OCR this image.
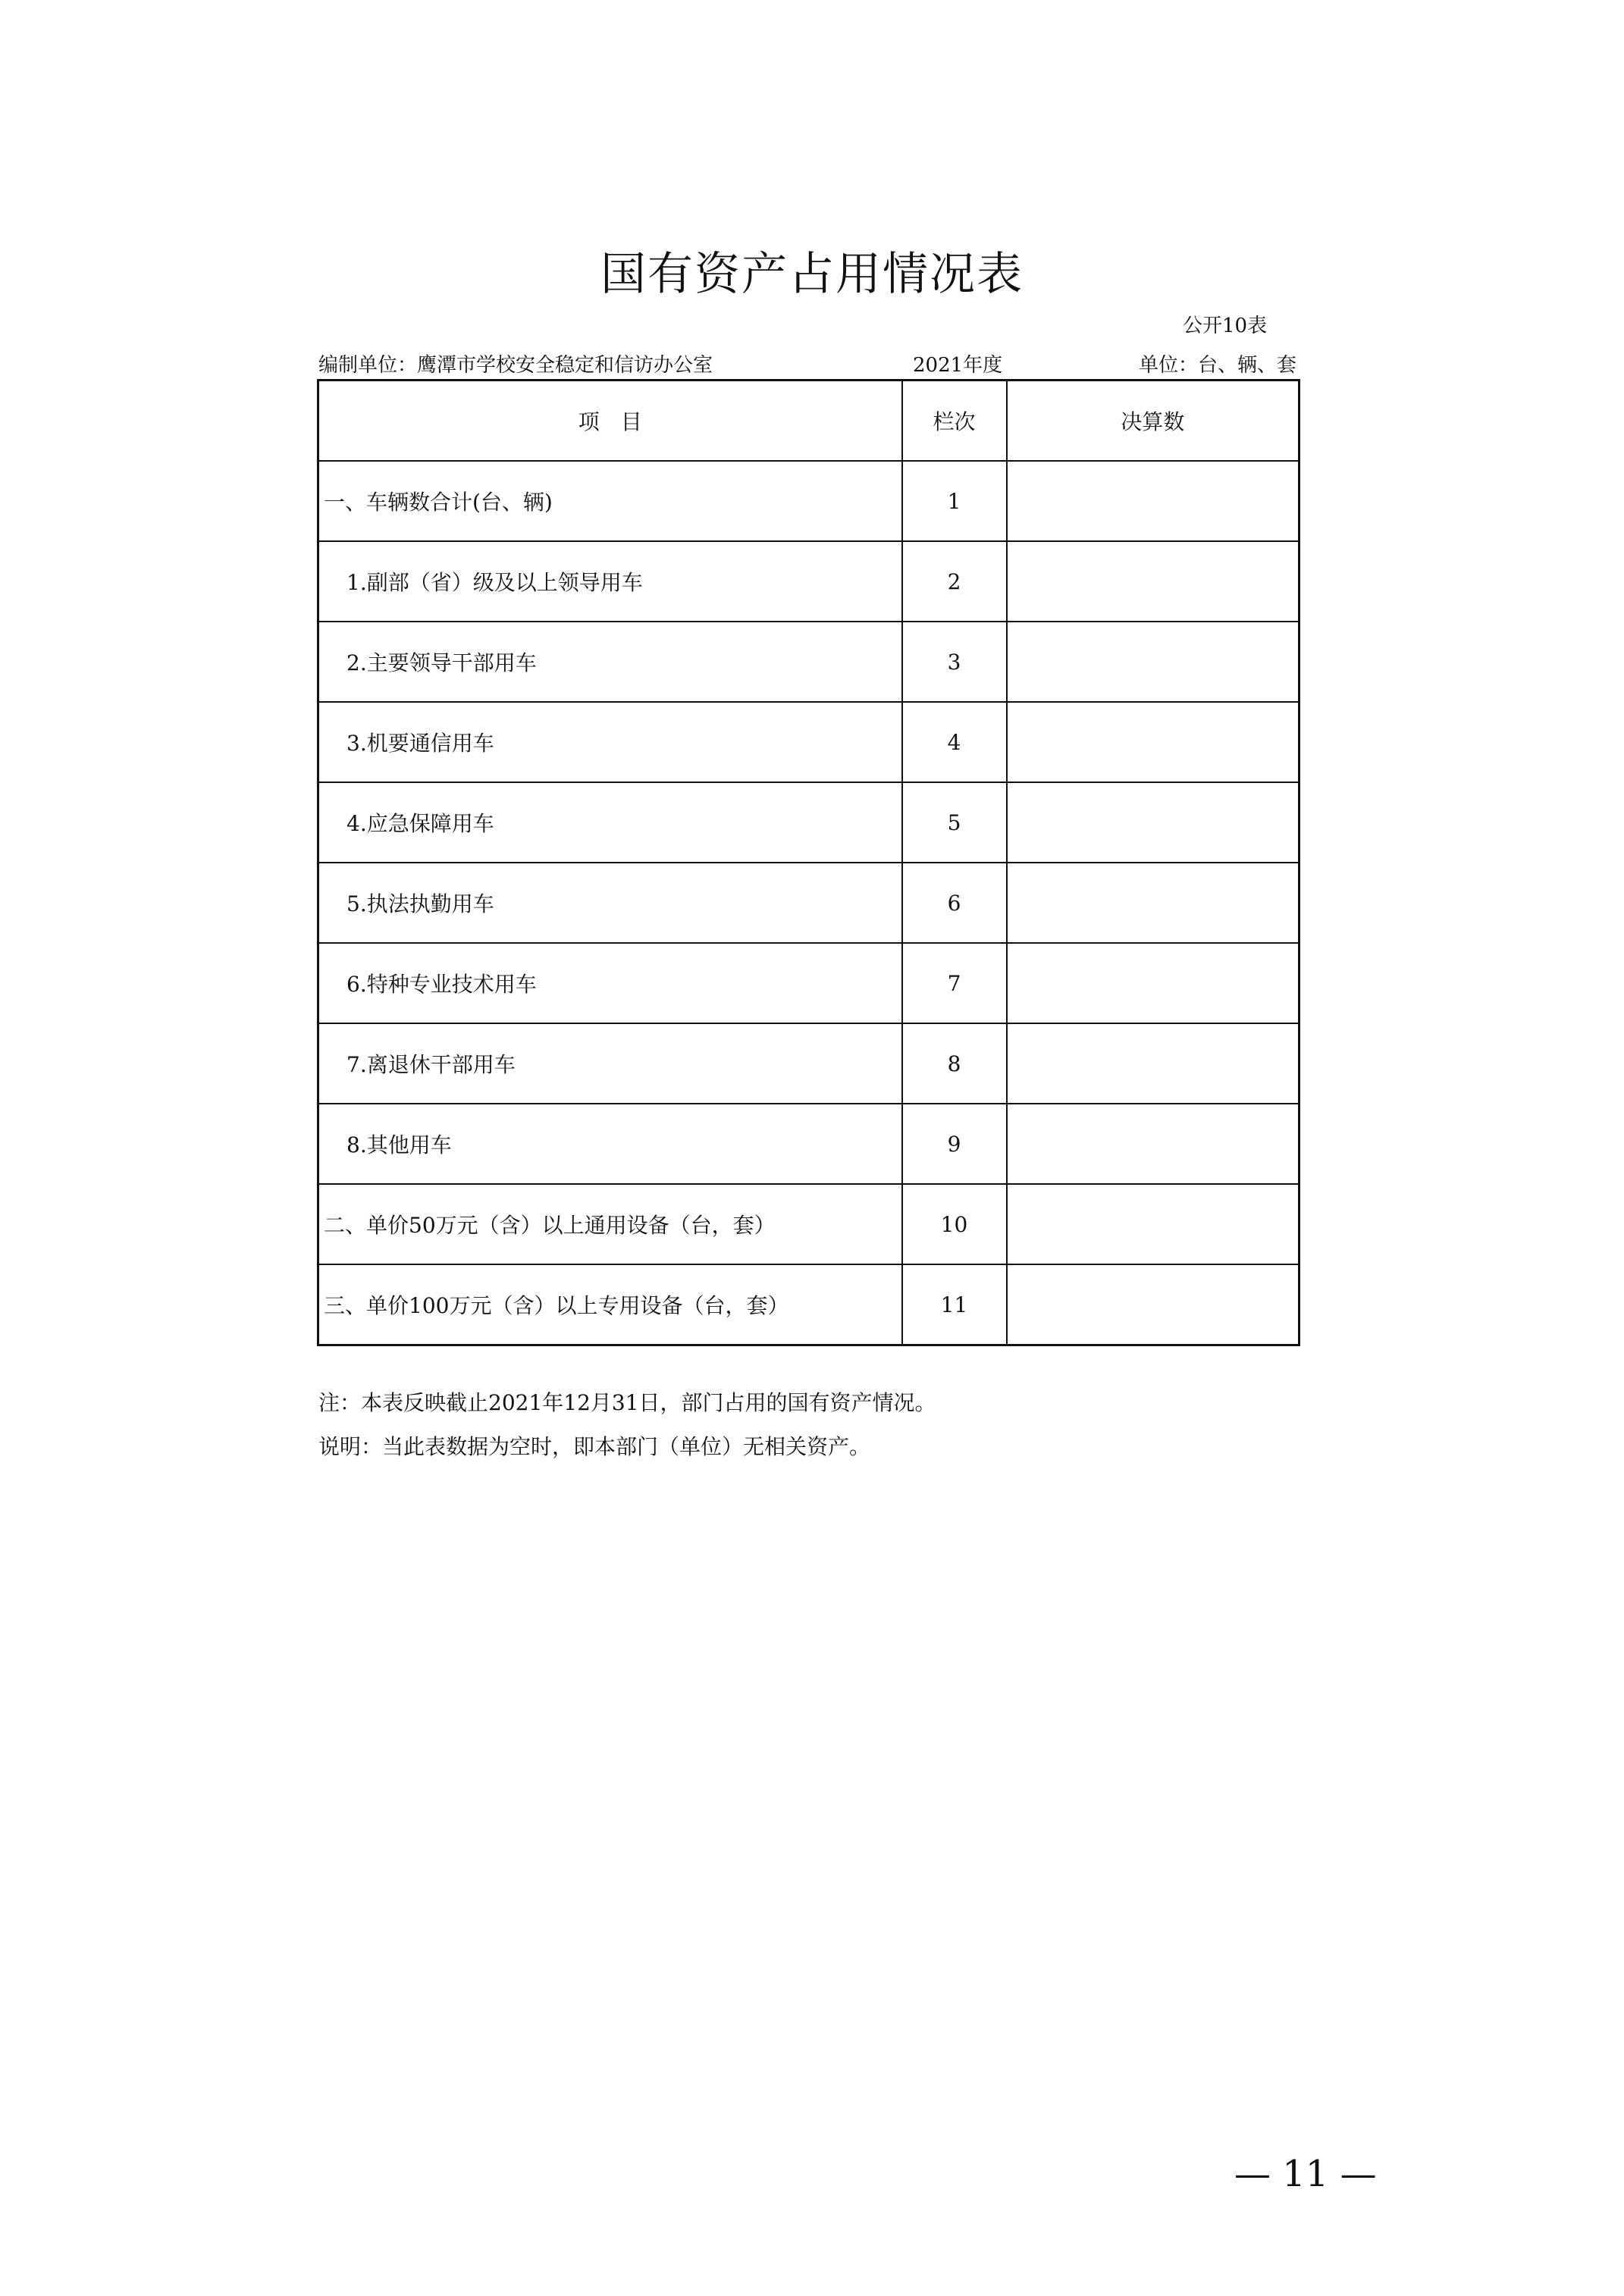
国有资产占用情况表
公开10表
编制单位：鹰潭市学校安全稳定和信访办公室	2021年度	单位：台、辆、套
项　目	栏次	决算数
一、车辆数合计(台、辆)	1	
1.副部（省）级及以上领导用车	2	
2.主要领导干部用车	3	
3.机要通信用车	4	
4.应急保障用车	5	
5.执法执勤用车	6	
6.特种专业技术用车	7	
7.离退休干部用车	8	
8.其他用车	9	
二、单价50万元（含）以上通用设备（台，套）	10	
三、单价100万元（含）以上专用设备（台，套）	11	
注：本表反映截止2021年12月31日，部门占用的国有资产情况。
说明：当此表数据为空时，即本部门（单位）无相关资产。
— 11 —
